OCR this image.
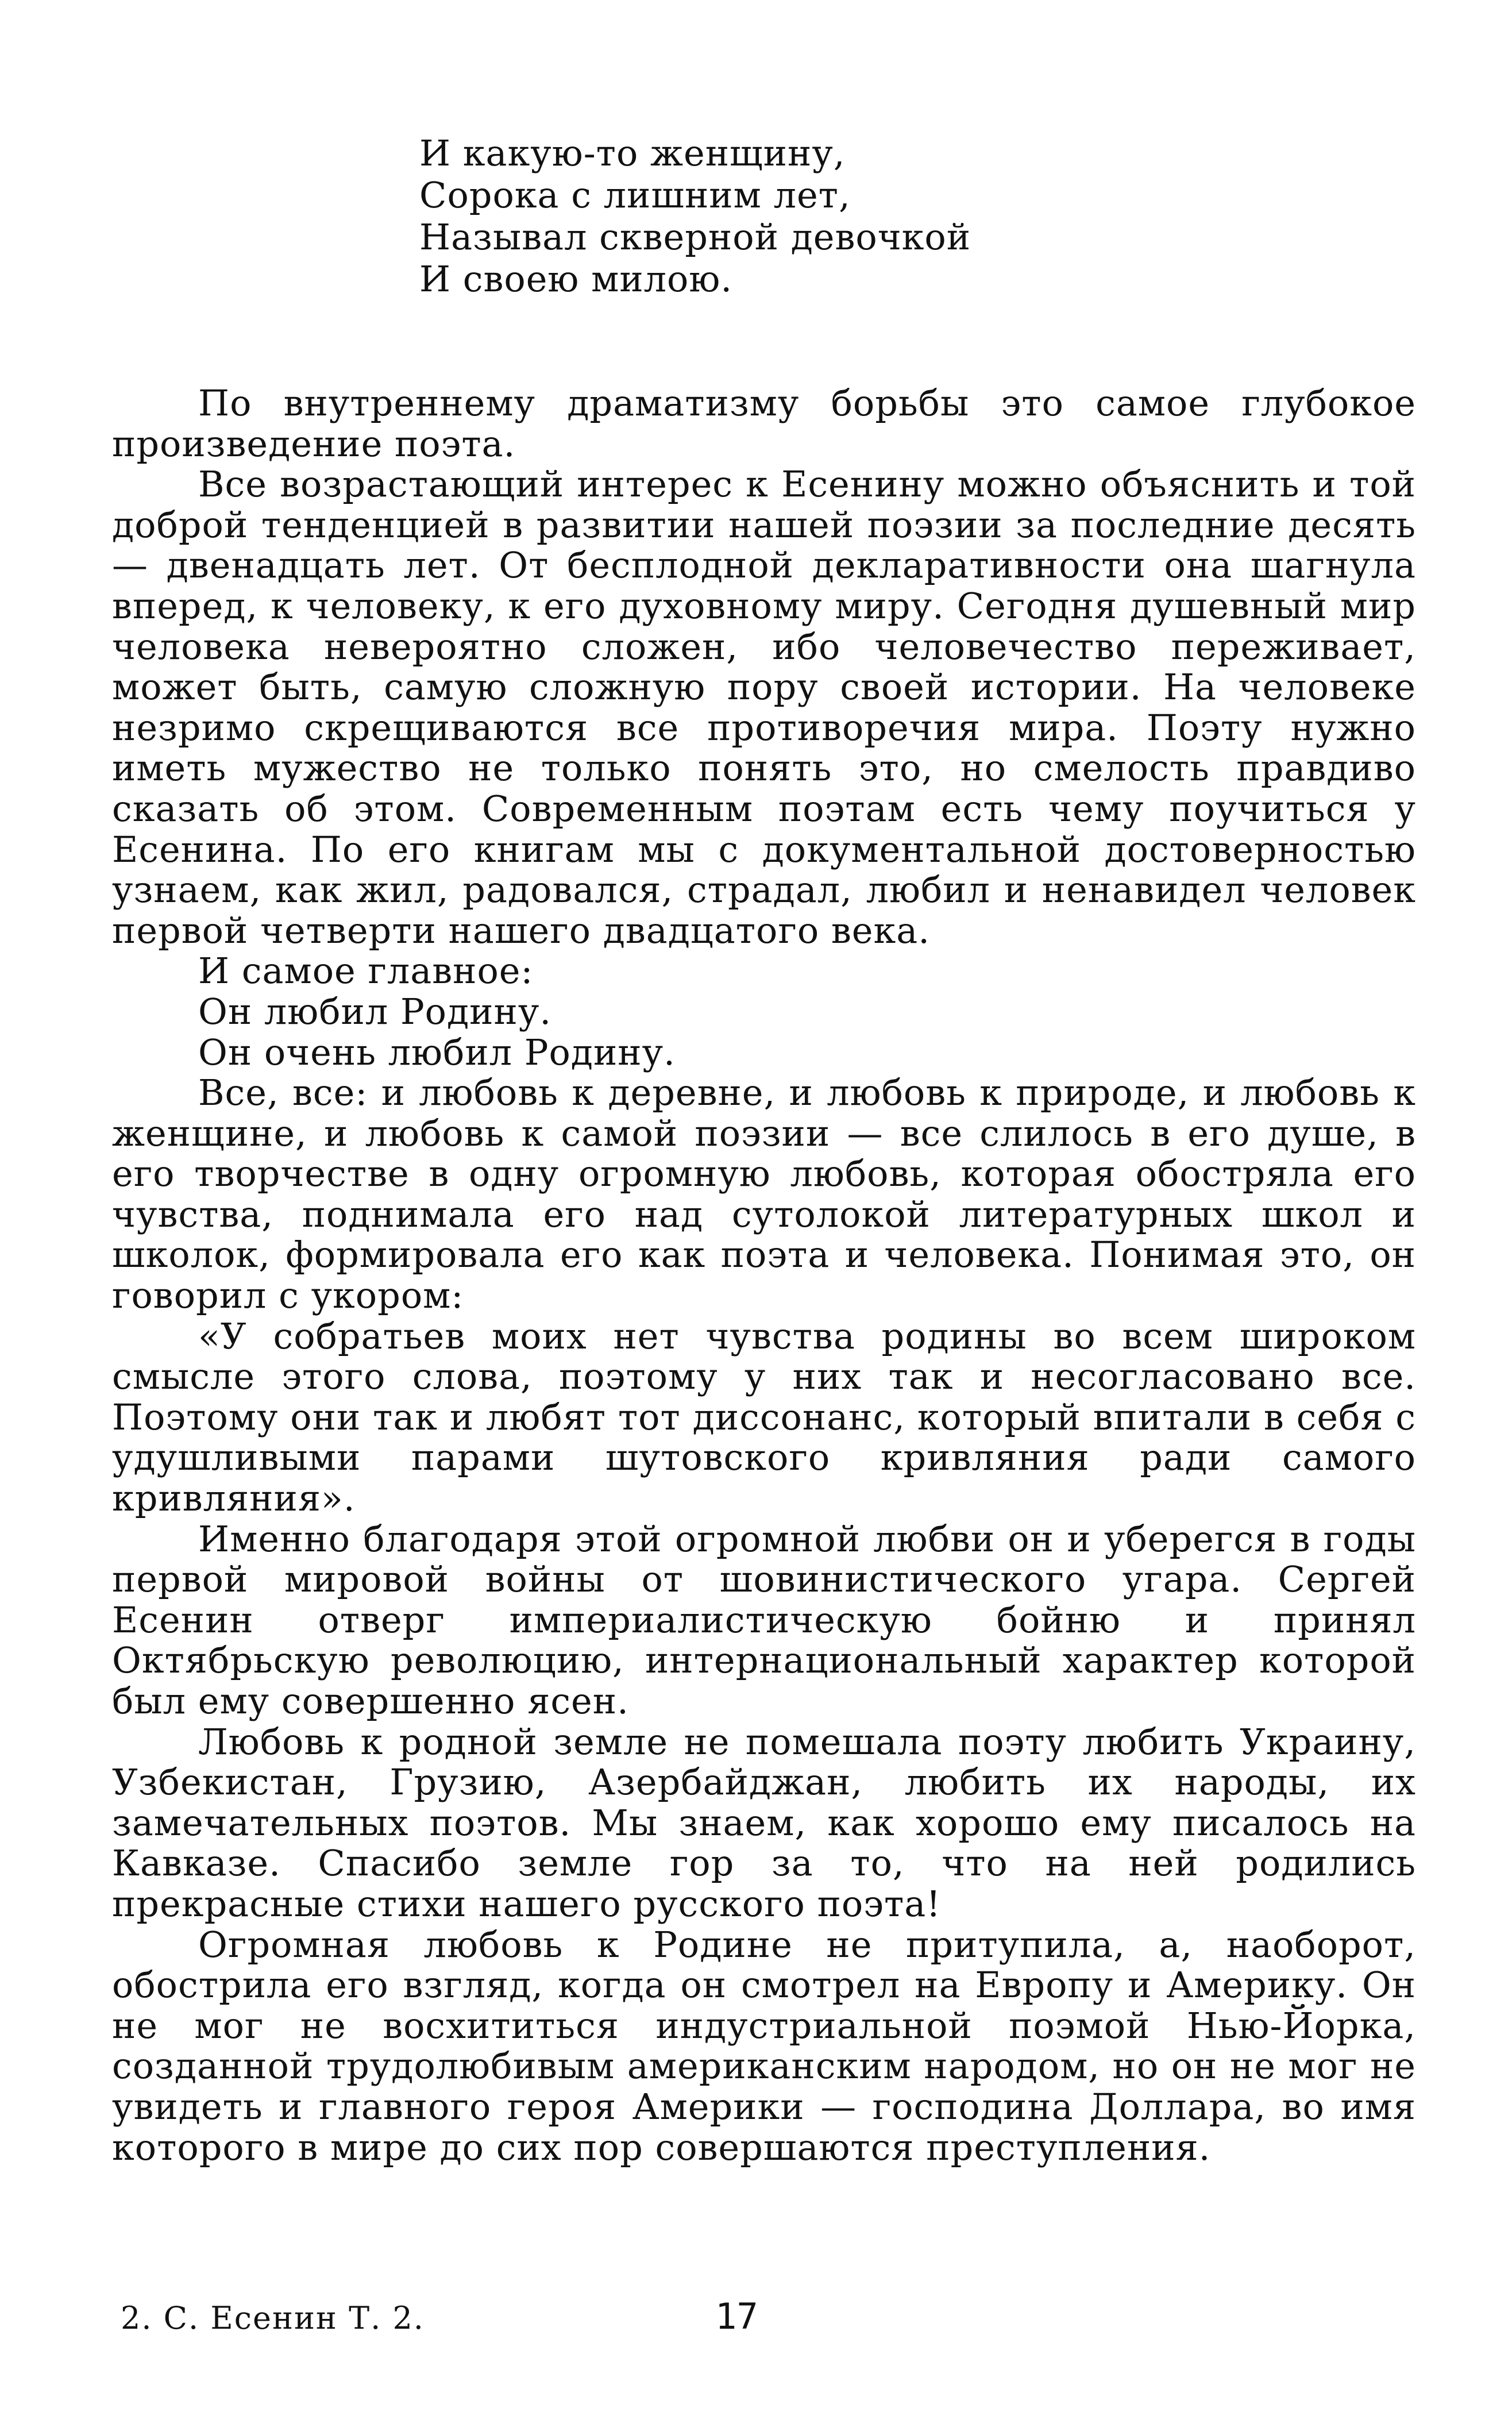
И какую-то женщину,
Сорока с лишним лет,
Называл скверной девочкой
И своею милою.

По внутреннему драматизму борьбы это самое глубокое произведение поэта.

Все возрастающий интерес к Есенину можно объяснить и той доброй тенденцией в развитии нашей поэзии за последние десять — двенадцать лет. От бесплодной декларативности она шагнула вперед, к человеку, к его духовному миру. Сегодня душевный мир человека невероятно сложен, ибо человечество переживает, может быть, самую сложную пору своей истории. На человеке незримо скрещиваются все противоречия мира. Поэту нужно иметь мужество не только понять это, но смелость правдиво сказать об этом. Современным поэтам есть чему поучиться у Есенина. По его книгам мы с документальной достоверностью узнаем, как жил, радовался, страдал, любил и ненавидел человек первой четверти нашего двадцатого века.

И самое главное:

Он любил Родину.

Он очень любил Родину.

Все, все: и любовь к деревне, и любовь к природе, и любовь к женщине, и любовь к самой поэзии — все слилось в его душе, в его творчестве в одну огромную любовь, которая обостряла его чувства, поднимала его над сутолокой литературных школ и школок, формировала его как поэта и человека. Понимая это, он говорил с укором:

«У собратьев моих нет чувства родины во всем широком смысле этого слова, поэтому у них так и несогласовано все. Поэтому они так и любят тот диссонанс, который впитали в себя с удушливыми парами шутовского кривляния ради самого кривляния».

Именно благодаря этой огромной любви он и уберегся в годы первой мировой войны от шовинистического угара. Сергей Есенин отверг империалистическую бойню и принял Октябрьскую революцию, интернациональный характер которой был ему совершенно ясен.

Любовь к родной земле не помешала поэту любить Украину, Узбекистан, Грузию, Азербайджан, любить их народы, их замечательных поэтов. Мы знаем, как хорошо ему писалось на Кавказе. Спасибо земле гор за то, что на ней родились прекрасные стихи нашего русского поэта!

Огромная любовь к Родине не притупила, а, наоборот, обострила его взгляд, когда он смотрел на Европу и Америку. Он не мог не восхититься индустриальной поэмой Нью-Йорка, созданной трудолюбивым американским народом, но он не мог не увидеть и главного героя Америки — господина Доллара, во имя которого в мире до сих пор совершаются преступления.

2. С. Есенин Т. 2.	17
